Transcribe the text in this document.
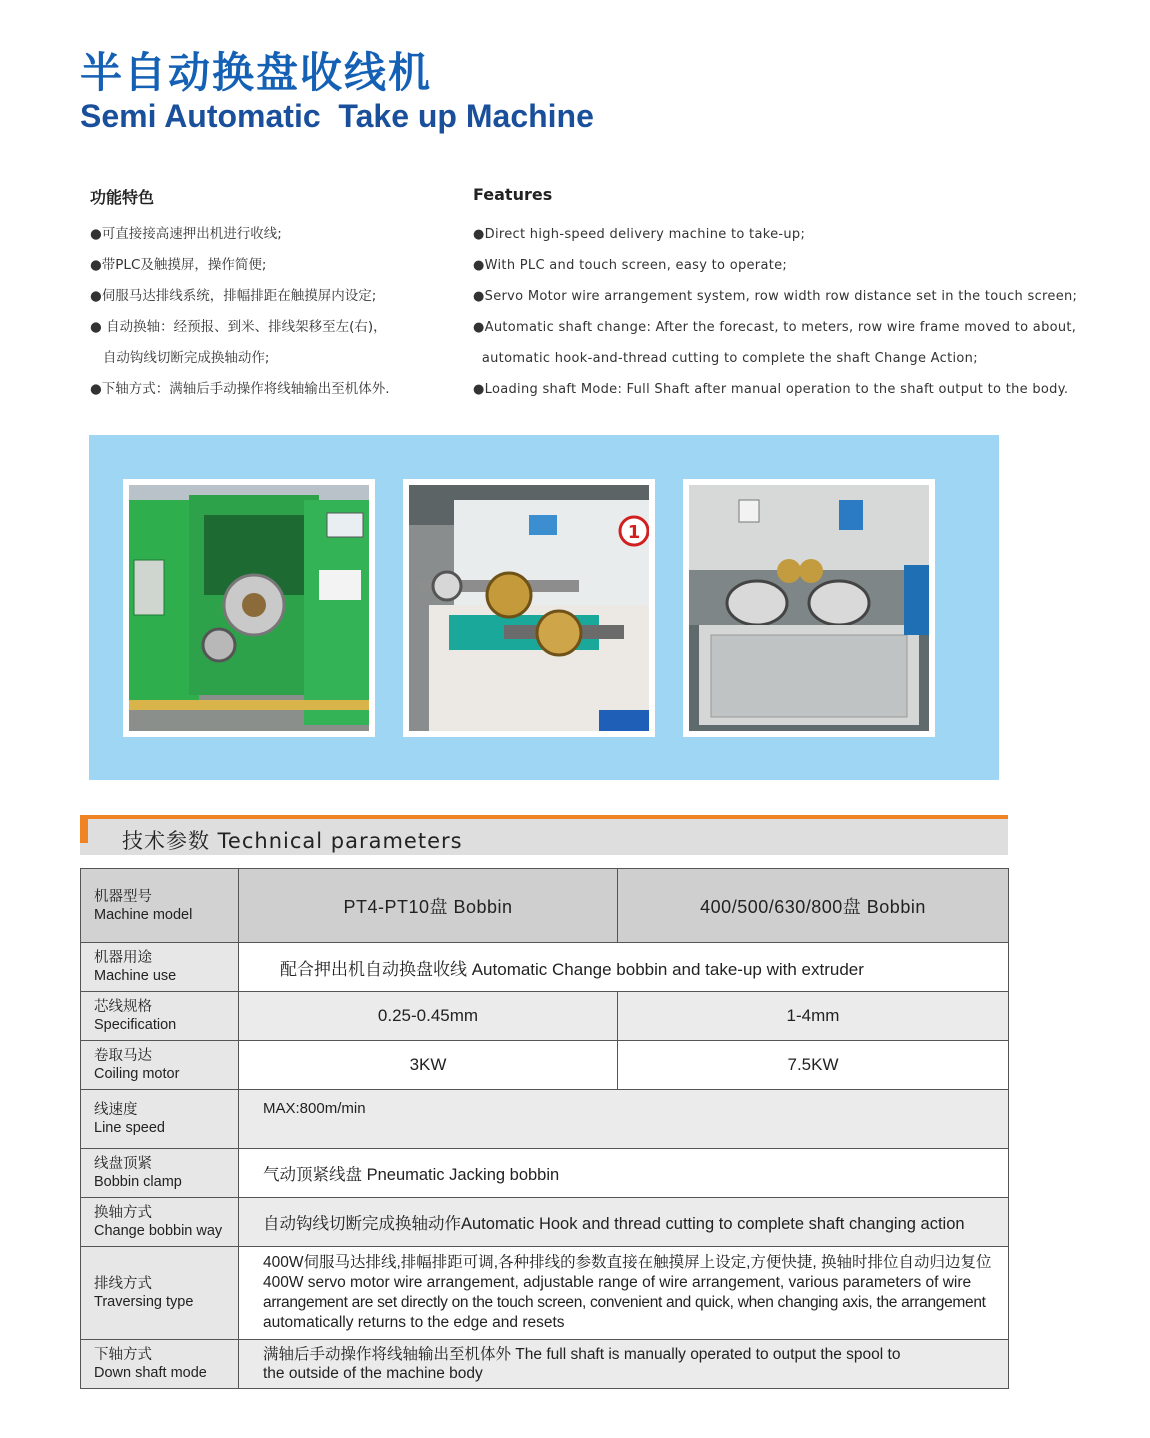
半自动换盘收线机
Semi Automatic  Take up Machine
功能特色
●可直接接高速押出机进行收线;
●带PLC及触摸屏，操作简便;
●伺服马达排线系统，排幅排距在触摸屏内设定;
● 自动换轴：经预报、到米、排线架移至左(右)，
自动钩线切断完成换轴动作;
●下轴方式：满轴后手动操作将线轴输出至机体外.
Features
●Direct high-speed delivery machine to take-up;
●With PLC and touch screen, easy to operate;
●Servo Motor wire arrangement system, row width row distance set in the touch screen;
●Automatic shaft change: After the forecast, to meters, row wire frame moved to about,
automatic hook-and-thread cutting to complete the shaft Change Action;
●Loading shaft Mode: Full Shaft after manual operation to the shaft output to the body.
1
技术参数 Technical parameters
机器型号
Machine model	PT4-PT10盘 Bobbin	400/500/630/800盘 Bobbin

机器用途
Machine use	配合押出机自动换盘收线 Automatic Change bobbin and take-up with extruder	

芯线规格
Specification	0.25-0.45mm	1-4mm

卷取马达
Coiling motor	3KW	7.5KW

线速度
Line speed	MAX:800m/min	

线盘顶紧
Bobbin clamp	气动顶紧线盘 Pneumatic Jacking bobbin	

换轴方式
Change bobbin way	自动钩线切断完成换轴动作Automatic Hook and thread cutting to complete shaft changing action	

排线方式
Traversing type	400W伺服马达排线,排幅排距可调,各种排线的参数直接在触摸屏上设定,方便快捷, 换轴时排位自动归边复位
400W servo motor wire arrangement, adjustable range of wire arrangement, various parameters of wire
arrangement are set directly on the touch screen, convenient and quick, when changing axis, the arrangement
automatically returns to the edge and resets	

下轴方式
Down shaft mode	满轴后手动操作将线轴输出至机体外 The full shaft is manually operated to output the spool to
the outside of the machine body	
